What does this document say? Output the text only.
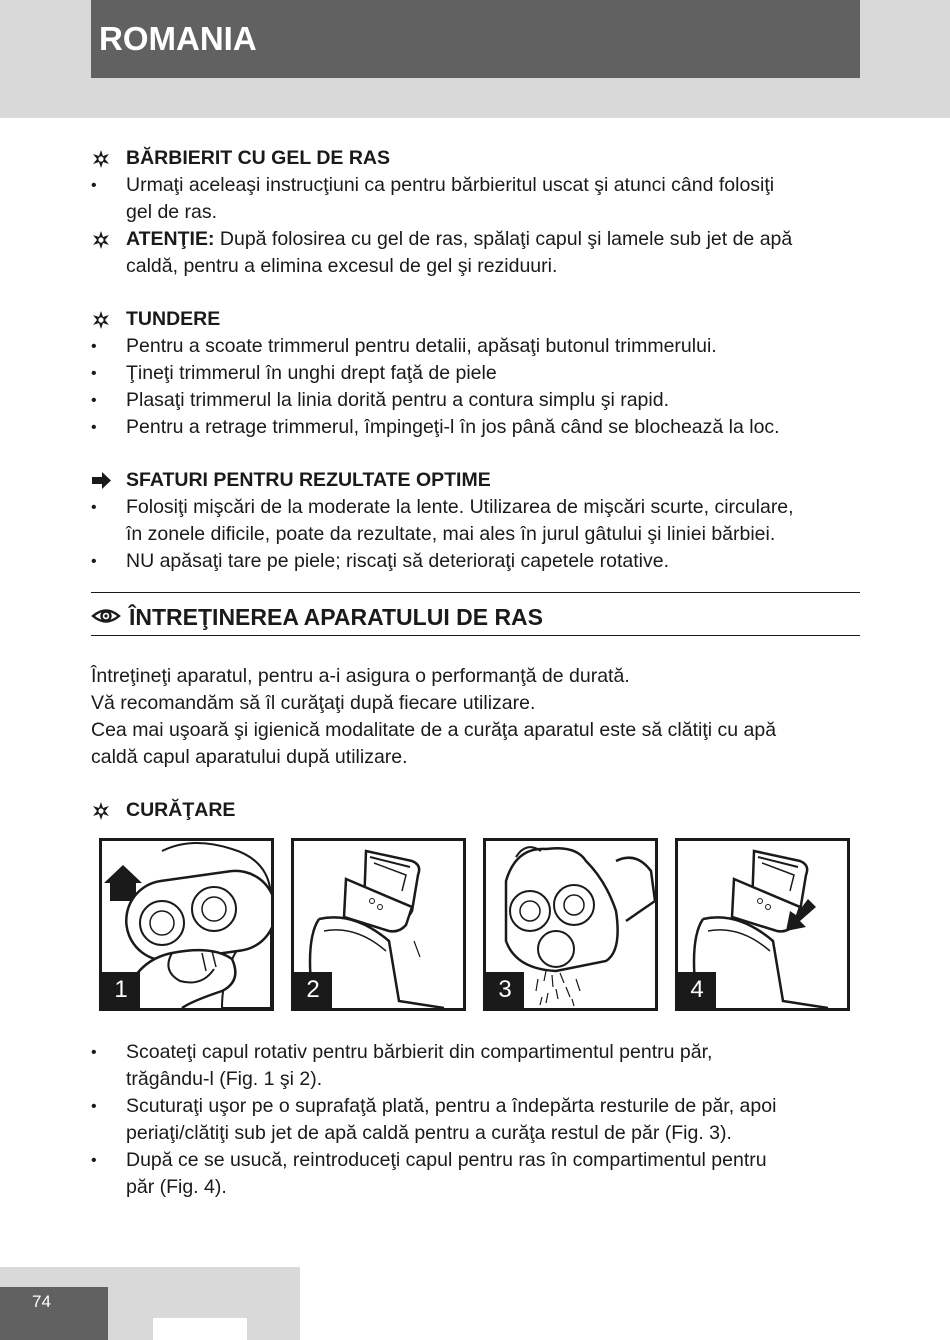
ROMANIA
BĂRBIERIT CU GEL DE RAS
• Urmaţi aceleaşi instrucţiuni ca pentru bărbieritul uscat şi atunci când folosiţi
gel de ras.
ATENŢIE: După folosirea cu gel de ras, spălaţi capul şi lamele sub jet de apă
caldă, pentru a elimina excesul de gel şi reziduuri.
TUNDERE
• Pentru a scoate trimmerul pentru detalii, apăsaţi butonul trimmerului.
• Ţineţi trimmerul în unghi drept faţă de piele
• Plasaţi trimmerul la linia dorită pentru a contura simplu şi rapid.
• Pentru a retrage trimmerul, împingeţi-l în jos până când se blochează la loc.
SFATURI PENTRU REZULTATE OPTIME
• Folosiţi mişcări de la moderate la lente. Utilizarea de mişcări scurte, circulare,
în zonele dificile, poate da rezultate, mai ales în jurul gâtului şi liniei bărbiei.
• NU apăsaţi tare pe piele; riscaţi să deterioraţi capetele rotative.
Întreţineţi aparatul, pentru a-i asigura o performanţă de durată.
Vă recomandăm să îl curăţaţi după fiecare utilizare.
Cea mai uşoară şi igienică modalitate de a curăţa aparatul este să clătiţi cu apă
caldă capul aparatului după utilizare.
CURĂŢARE
• Scoateţi capul rotativ pentru bărbierit din compartimentul pentru păr,
trăgându-l (Fig. 1 şi 2).
• Scuturaţi uşor pe o suprafaţă plată, pentru a îndepărta resturile de păr, apoi
periaţi/clătiţi sub jet de apă caldă pentru a curăţa restul de păr (Fig. 3).
• După ce se usucă, reintroduceţi capul pentru ras în compartimentul pentru
păr (Fig. 4).
ÎNTREŢINEREA APARATULUI DE RAS
1	2	3	4
74
